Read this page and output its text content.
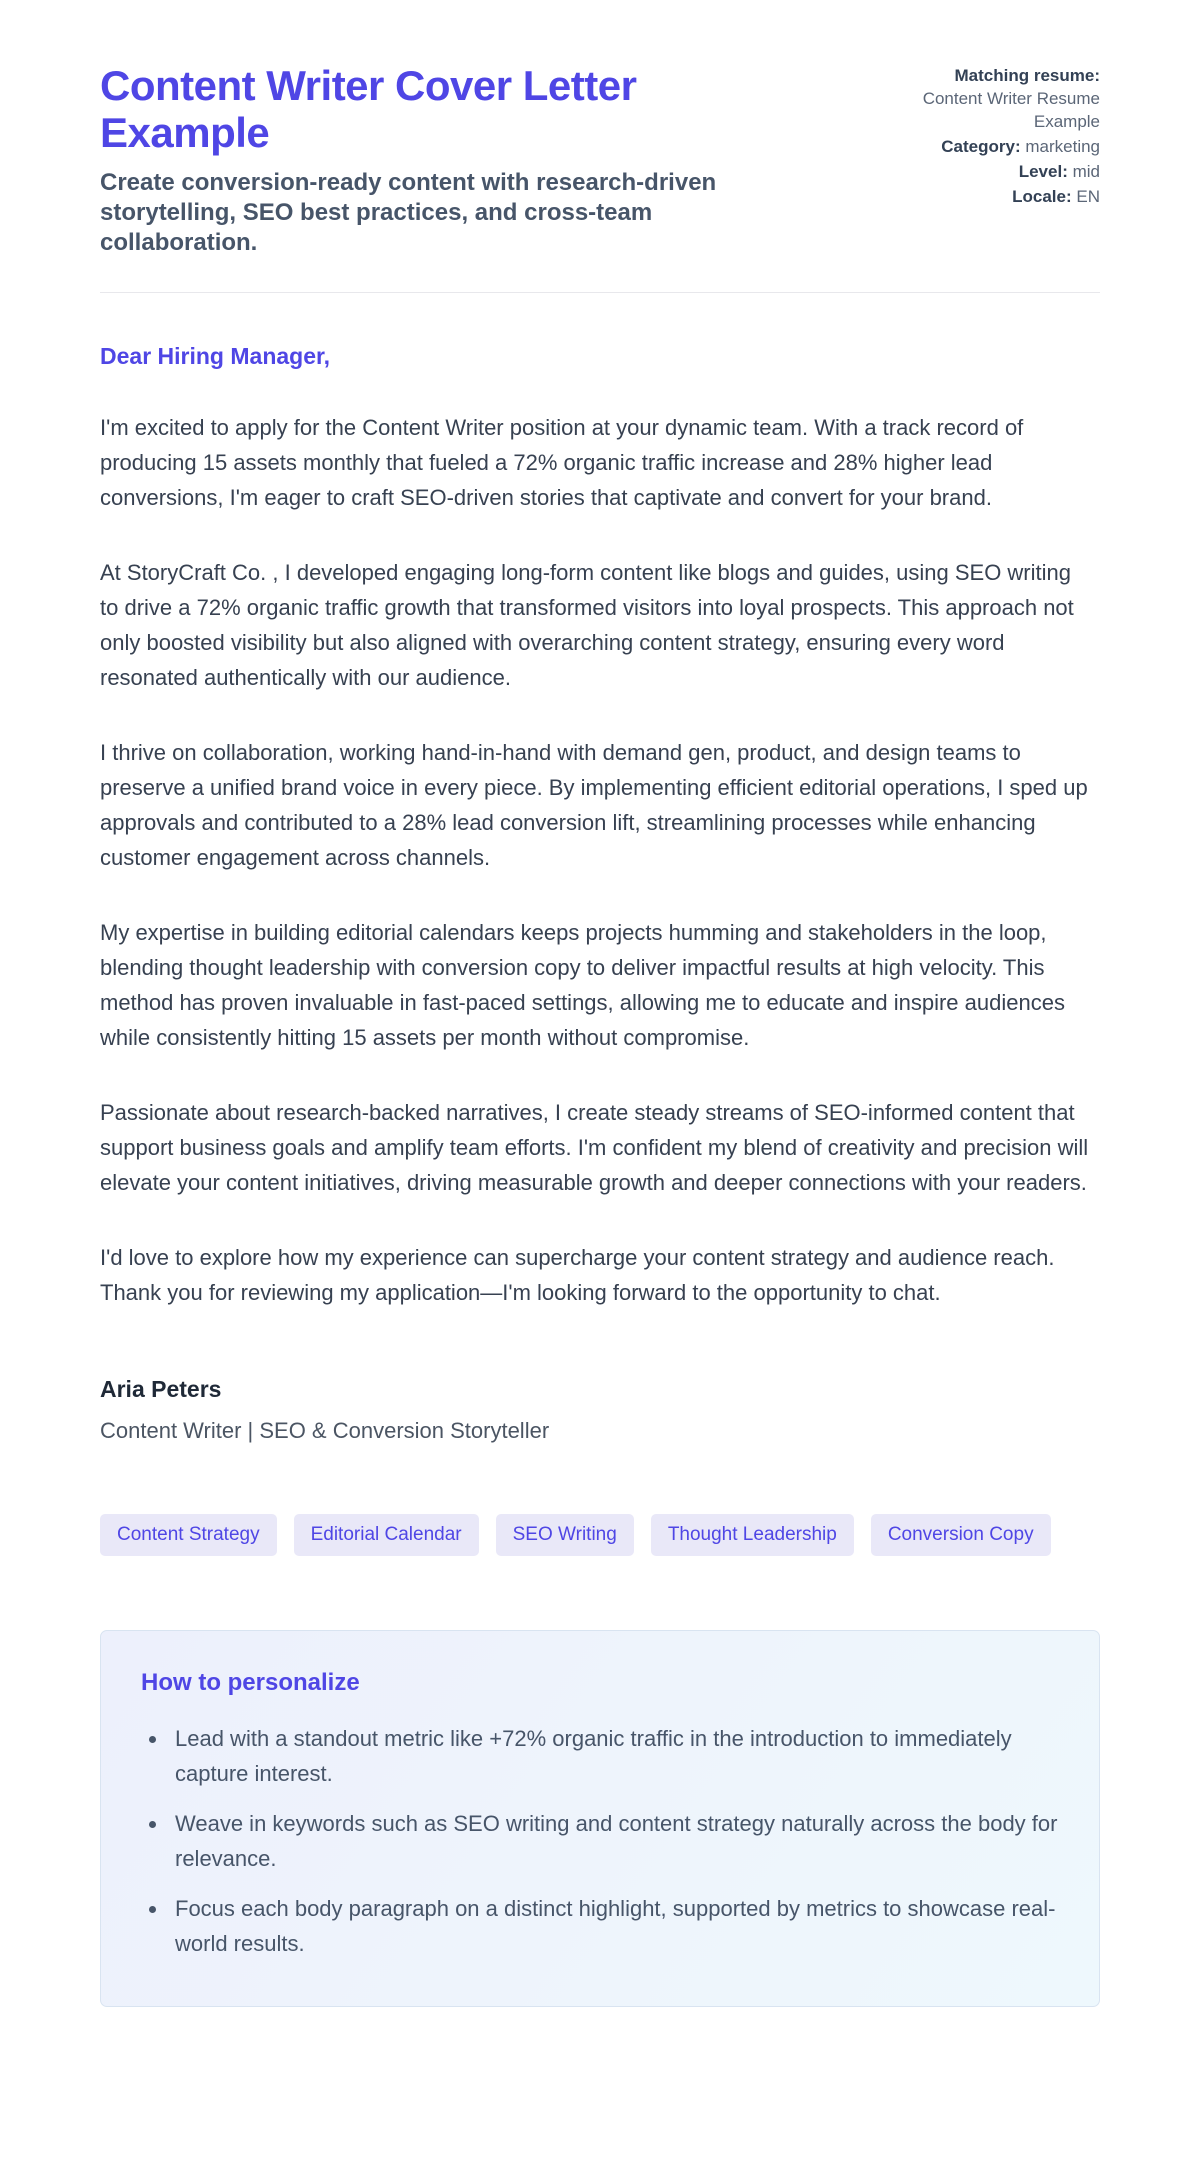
Content Writer Cover Letter Example
Create conversion-ready content with research-driven storytelling, SEO best practices, and cross-team collaboration.
Matching resume:
Content Writer Resume Example
Category: marketing
Level: mid
Locale: EN
Dear Hiring Manager,

I'm excited to apply for the Content Writer position at your dynamic team. With a track record of producing 15 assets monthly that fueled a 72% organic traffic increase and 28% higher lead conversions, I'm eager to craft SEO-driven stories that captivate and convert for your brand.

At StoryCraft Co. , I developed engaging long-form content like blogs and guides, using SEO writing to drive a 72% organic traffic growth that transformed visitors into loyal prospects. This approach not only boosted visibility but also aligned with overarching content strategy, ensuring every word resonated authentically with our audience.

I thrive on collaboration, working hand-in-hand with demand gen, product, and design teams to preserve a unified brand voice in every piece. By implementing efficient editorial operations, I sped up approvals and contributed to a 28% lead conversion lift, streamlining processes while enhancing customer engagement across channels.

My expertise in building editorial calendars keeps projects humming and stakeholders in the loop, blending thought leadership with conversion copy to deliver impactful results at high velocity. This method has proven invaluable in fast-paced settings, allowing me to educate and inspire audiences while consistently hitting 15 assets per month without compromise.

Passionate about research-backed narratives, I create steady streams of SEO-informed content that support business goals and amplify team efforts. I'm confident my blend of creativity and precision will elevate your content initiatives, driving measurable growth and deeper connections with your readers.

I'd love to explore how my experience can supercharge your content strategy and audience reach. Thank you for reviewing my application—I'm looking forward to the opportunity to chat.

Aria Peters
Content Writer | SEO & Conversion Storyteller
Content Strategy	Editorial Calendar	SEO Writing	Thought Leadership	Conversion Copy
How to personalize
• Lead with a standout metric like +72% organic traffic in the introduction to immediately capture interest.
• Weave in keywords such as SEO writing and content strategy naturally across the body for relevance.
• Focus each body paragraph on a distinct highlight, supported by metrics to showcase real-world results.
